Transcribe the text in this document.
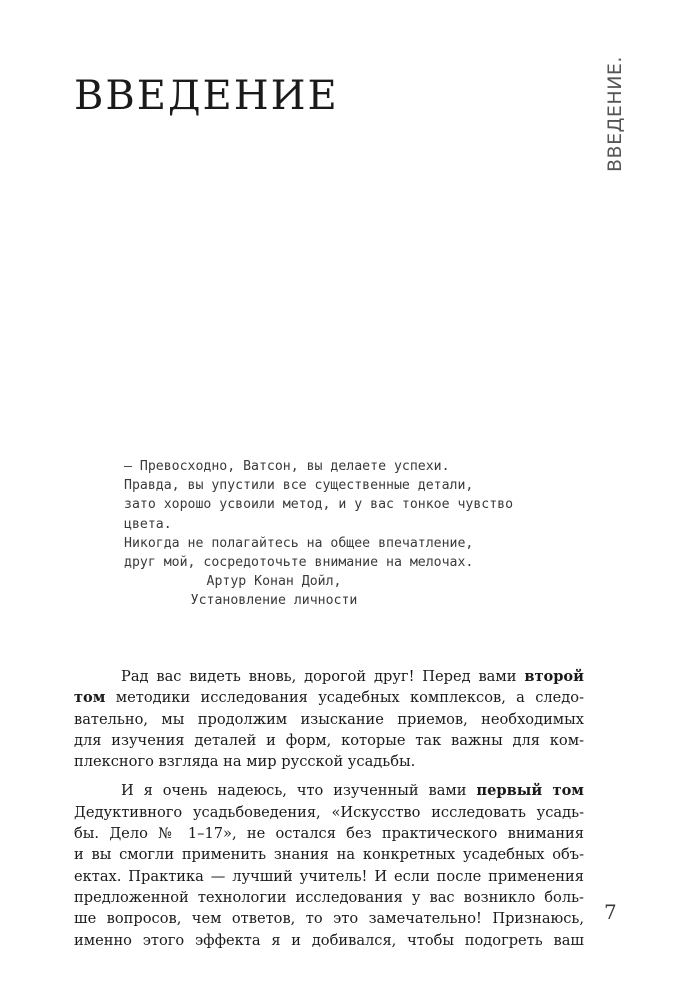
ВВЕДЕНИЕ	ВВЕДЕНИЕ.
– Превосходно, Ватсон, вы делаете успехи.
Правда, вы упустили все существенные детали,
зато хорошо усвоили метод, и у вас тонкое чувство
цвета.
Никогда не полагайтесь на общее впечатление,
друг мой, сосредоточьте внимание на мелочах.
Артур Конан Дойл,
Установление личности
Рад вас видеть вновь, дорогой друг! Перед вами второй
том методики исследования усадебных комплексов, а следо-
вательно, мы продолжим изыскание приемов, необходимых
для изучения деталей и форм, которые так важны для ком-
плексного взгляда на мир русской усадьбы.
И я очень надеюсь, что изученный вами первый том
Дедуктивного усадьбоведения, «Искусство исследовать усадь-
бы. Дело № 1–17», не остался без практического внимания
и вы смогли применить знания на конкретных усадебных объ-
ектах. Практика — лучший учитель! И если после применения
предложенной технологии исследования у вас возникло боль-
ше вопросов, чем ответов, то это замечательно! Признаюсь,
именно этого эффекта я и добивался, чтобы подогреть ваш
7
